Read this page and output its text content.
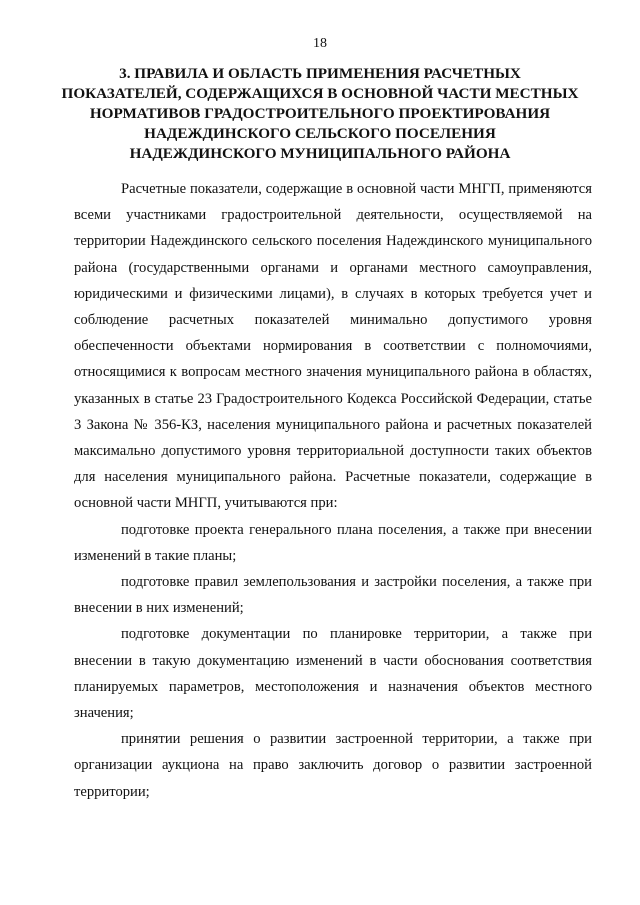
18
3. ПРАВИЛА И ОБЛАСТЬ ПРИМЕНЕНИЯ РАСЧЕТНЫХ
ПОКАЗАТЕЛЕЙ, СОДЕРЖАЩИХСЯ В ОСНОВНОЙ ЧАСТИ МЕСТНЫХ
НОРМАТИВОВ ГРАДОСТРОИТЕЛЬНОГО ПРОЕКТИРОВАНИЯ
НАДЕЖДИНСКОГО СЕЛЬСКОГО ПОСЕЛЕНИЯ
НАДЕЖДИНСКОГО МУНИЦИПАЛЬНОГО РАЙОНА

Расчетные показатели, содержащие в основной части МНГП, применяются всеми участниками градостроительной деятельности, осуществляемой на территории Надеждинского сельского поселения Надеждинского муниципального района (государственными органами и органами местного самоуправления, юридическими и физическими лицами), в случаях в которых требуется учет и соблюдение расчетных показателей минимально допустимого уровня обеспеченности объектами нормирования в соответствии с полномочиями, относящимися к вопросам местного значения муниципального района в областях, указанных в статье 23 Градостроительного Кодекса Российской Федерации, статье 3 Закона № 356-КЗ, населения муниципального района и расчетных показателей максимально допустимого уровня территориальной доступности таких объектов для населения муниципального района. Расчетные показатели, содержащие в основной части МНГП, учитываются при:

подготовке проекта генерального плана поселения, а также при внесении изменений в такие планы;

подготовке правил землепользования и застройки поселения, а также при внесении в них изменений;

подготовке документации по планировке территории, а также при внесении в такую документацию изменений в части обоснования соответствия планируемых параметров, местоположения и назначения объектов местного значения;

принятии решения о развитии застроенной территории, а также при организации аукциона на право заключить договор о развитии застроенной территории;
